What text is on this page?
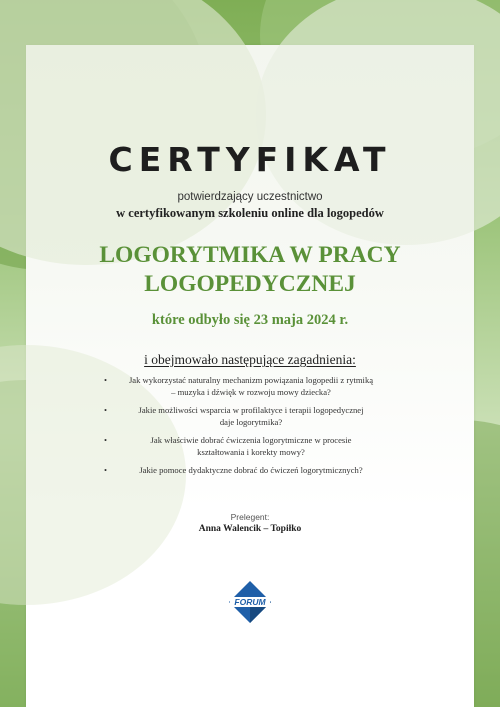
CERTYFIKAT
potwierdzający uczestnictwo
w certyfikowanym szkoleniu online dla logopedów
LOGORYTMIKA W PRACY
LOGOPEDYCZNEJ
które odbyło się 23 maja 2024 r.
i obejmowało następujące zagadnienia:
•	Jak wykorzystać naturalny mechanizm powiązania logopedii z rytmiką
– muzyka i dźwięk w rozwoju mowy dziecka?
•	Jakie możliwości wsparcia w profilaktyce i terapii logopedycznej
daje logorytmika?
•	Jak właściwie dobrać ćwiczenia logorytmiczne w procesie
kształtowania i korekty mowy?
•	Jakie pomoce dydaktyczne dobrać do ćwiczeń logorytmicznych?
Prelegent:
Anna Walencik – Topiłko
FORUM
